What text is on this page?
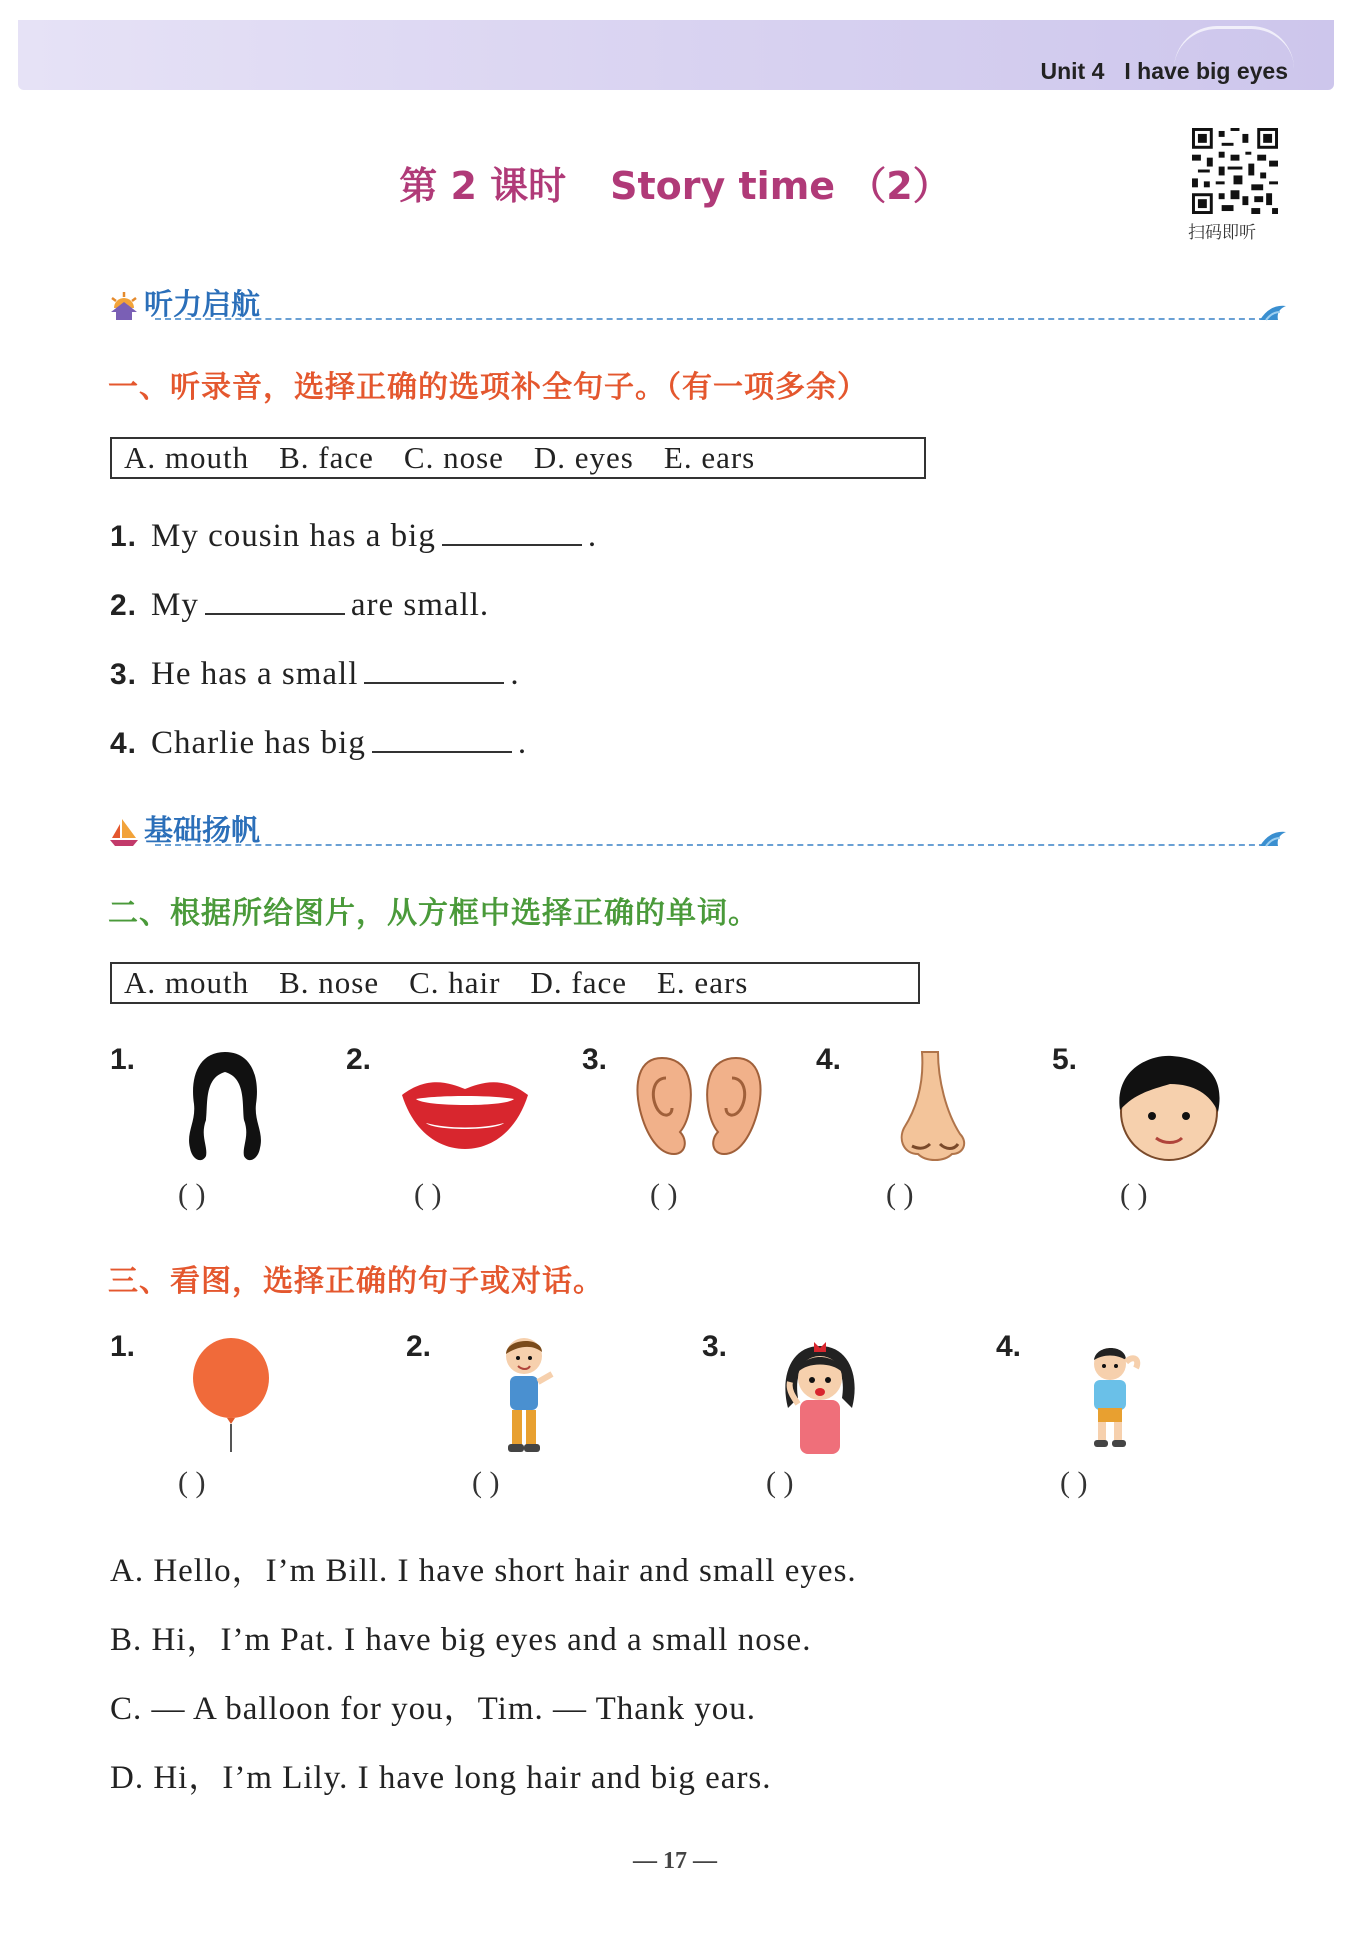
Unit 4 I have big eyes
第 2 课时 Story time （2）
扫码即听
听力启航
一、听录音，选择正确的选项补全句子。（有一项多余）
A. mouth B. face C. nose D. eyes E. ears
1. My cousin has a big	.
2. My	are small.
3. He has a small	.
4. Charlie has big	.
基础扬帆
二、根据所给图片，从方框中选择正确的单词。
A. mouth B. nose C. hair D. face E. ears
1.	2.	3.	4.	5.
( )	( )	( )	( )	( )
三、看图，选择正确的句子或对话。
1.	2.	3.	4.
( )	( )	( )	( )
A. Hello，I’m Bill. I have short hair and small eyes.
B. Hi，I’m Pat. I have big eyes and a small nose.
C. — A balloon for you，Tim. — Thank you.
D. Hi，I’m Lily. I have long hair and big ears.
— 17 —
